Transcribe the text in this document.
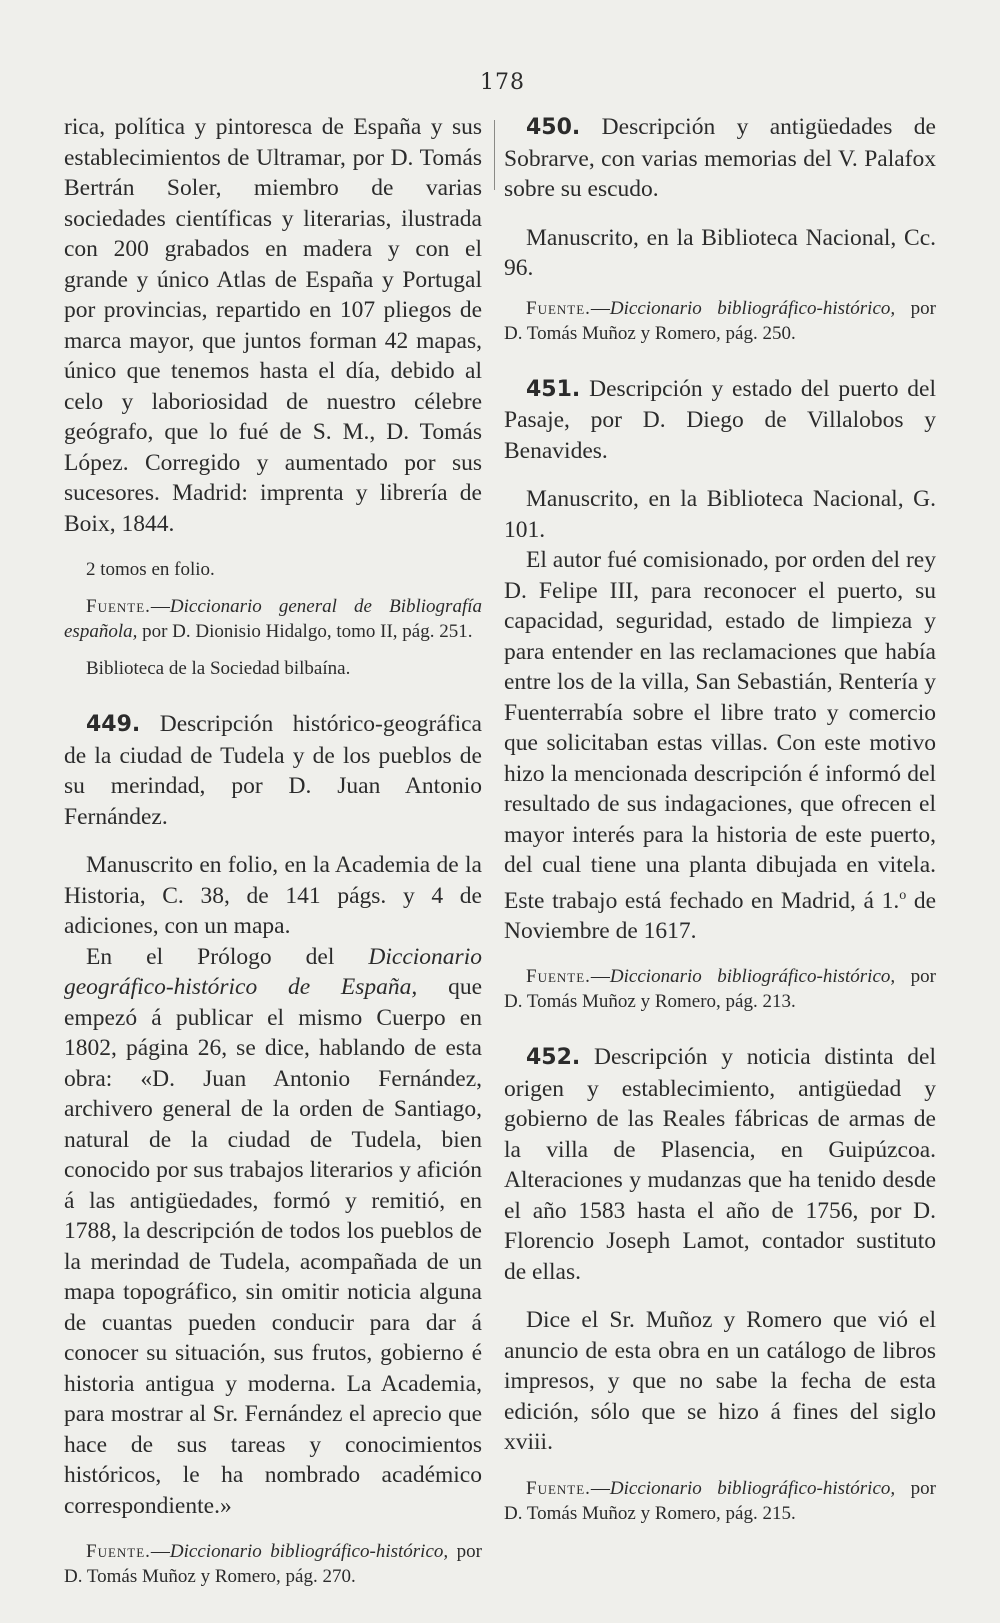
178

rica, política y pintoresca de España y sus establecimientos de Ultramar, por D. Tomás Bertrán Soler, miembro de varias sociedades científicas y literarias, ilustrada con 200 grabados en madera y con el grande y único Atlas de España y Portugal por provincias, repartido en 107 pliegos de marca mayor, que juntos forman 42 mapas, único que tenemos hasta el día, debido al celo y laboriosidad de nuestro célebre geógrafo, que lo fué de S. M., D. Tomás López. Corregido y aumentado por sus sucesores. Madrid: imprenta y librería de Boix, 1844.

2 tomos en folio.

Fuente.—Diccionario general de Bibliografía española, por D. Dionisio Hidalgo, tomo II, pág. 251.

Biblioteca de la Sociedad bilbaína.

449. Descripción histórico-geográfica de la ciudad de Tudela y de los pueblos de su merindad, por D. Juan Antonio Fernández.

Manuscrito en folio, en la Academia de la Historia, C. 38, de 141 págs. y 4 de adiciones, con un mapa.

En el Prólogo del Diccionario geográfico-histórico de España, que empezó á publicar el mismo Cuerpo en 1802, página 26, se dice, hablando de esta obra: «D. Juan Antonio Fernández, archivero general de la orden de Santiago, natural de la ciudad de Tudela, bien conocido por sus trabajos literarios y afición á las antigüedades, formó y remitió, en 1788, la descripción de todos los pueblos de la merindad de Tudela, acompañada de un mapa topográfico, sin omitir noticia alguna de cuantas pueden conducir para dar á conocer su situación, sus frutos, gobierno é historia antigua y moderna. La Academia, para mostrar al Sr. Fernández el aprecio que hace de sus tareas y conocimientos históricos, le ha nombrado académico correspondiente.»

Fuente.—Diccionario bibliográfico-histórico, por D. Tomás Muñoz y Romero, pág. 270.

450. Descripción y antigüedades de Sobrarve, con varias memorias del V. Palafox sobre su escudo.

Manuscrito, en la Biblioteca Nacional, Cc. 96.

Fuente.—Diccionario bibliográfico-histórico, por D. Tomás Muñoz y Romero, pág. 250.

451. Descripción y estado del puerto del Pasaje, por D. Diego de Villalobos y Benavides.

Manuscrito, en la Biblioteca Nacional, G. 101.

El autor fué comisionado, por orden del rey D. Felipe III, para reconocer el puerto, su capacidad, seguridad, estado de limpieza y para entender en las reclamaciones que había entre los de la villa, San Sebastián, Rentería y Fuenterrabía sobre el libre trato y comercio que solicitaban estas villas. Con este motivo hizo la mencionada descripción é informó del resultado de sus indagaciones, que ofrecen el mayor interés para la historia de este puerto, del cual tiene una planta dibujada en vitela. Este trabajo está fechado en Madrid, á 1.$^o$ de Noviembre de 1617.

Fuente.—Diccionario bibliográfico-histórico, por D. Tomás Muñoz y Romero, pág. 213.

452. Descripción y noticia distinta del origen y establecimiento, antigüedad y gobierno de las Reales fábricas de armas de la villa de Plasencia, en Guipúzcoa. Alteraciones y mudanzas que ha tenido desde el año 1583 hasta el año de 1756, por D. Florencio Joseph Lamot, contador sustituto de ellas.

Dice el Sr. Muñoz y Romero que vió el anuncio de esta obra en un catálogo de libros impresos, y que no sabe la fecha de esta edición, sólo que se hizo á fines del siglo xviii.

Fuente.—Diccionario bibliográfico-histórico, por D. Tomás Muñoz y Romero, pág. 215.
